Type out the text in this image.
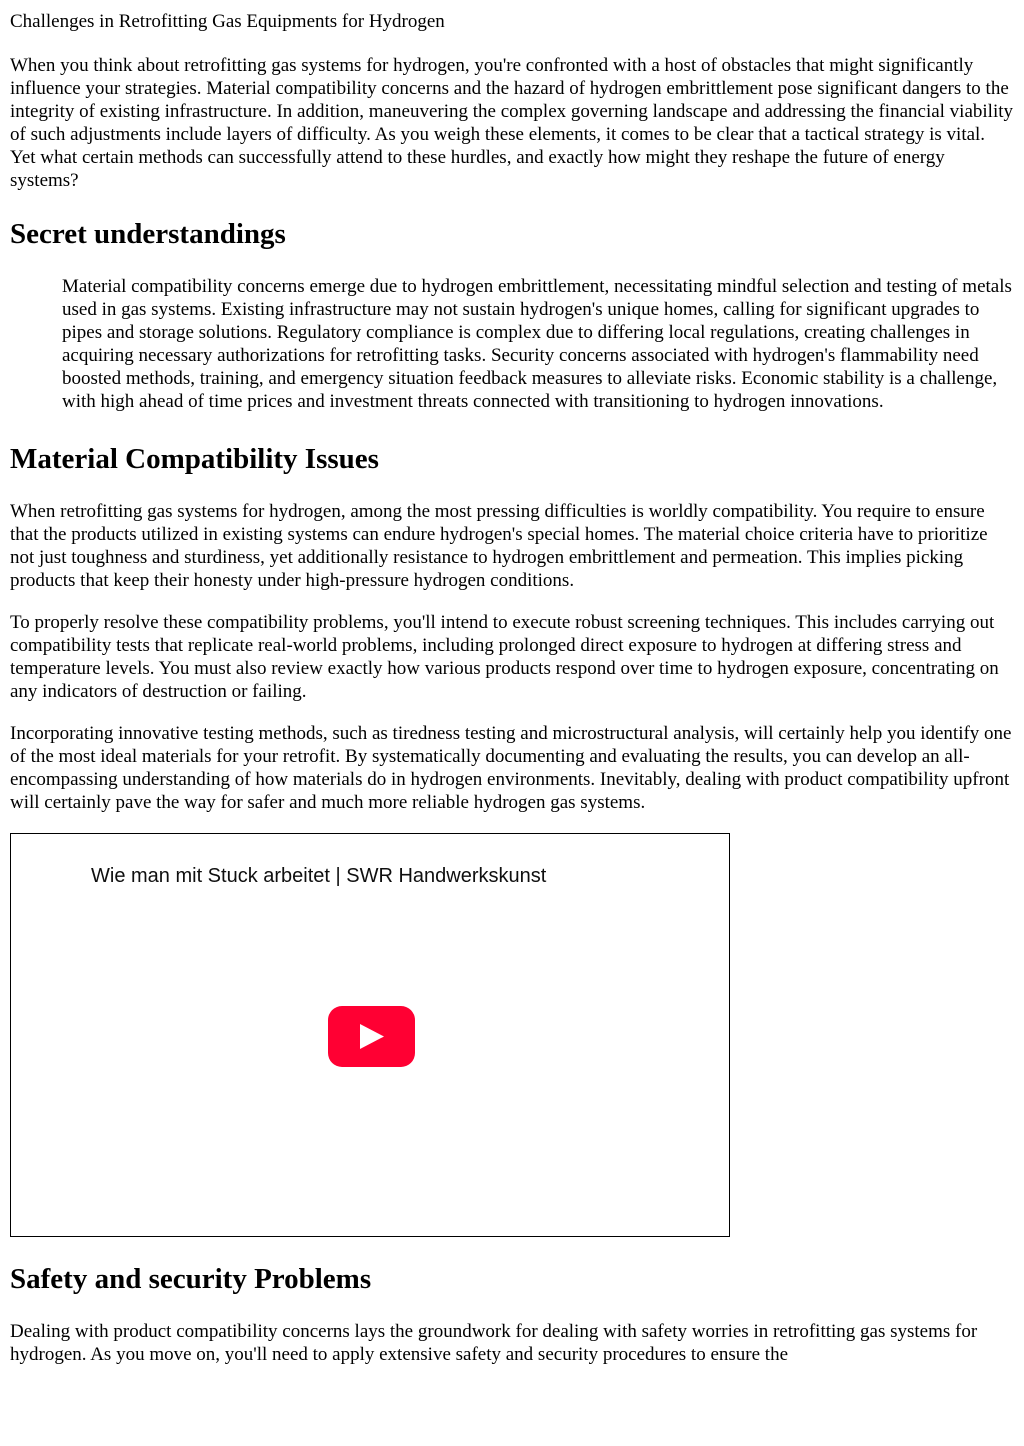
Challenges in Retrofitting Gas Equipments for Hydrogen

When you think about retrofitting gas systems for hydrogen, you're confronted with a host of obstacles that might significantly influence your strategies. Material compatibility concerns and the hazard of hydrogen embrittlement pose significant dangers to the integrity of existing infrastructure. In addition, maneuvering the complex governing landscape and addressing the financial viability of such adjustments include layers of difficulty. As you weigh these elements, it comes to be clear that a tactical strategy is vital. Yet what certain methods can successfully attend to these hurdles, and exactly how might they reshape the future of energy systems?

Secret understandings
Material compatibility concerns emerge due to hydrogen embrittlement, necessitating mindful selection and testing of metals used in gas systems. Existing infrastructure may not sustain hydrogen's unique homes, calling for significant upgrades to pipes and storage solutions. Regulatory compliance is complex due to differing local regulations, creating challenges in acquiring necessary authorizations for retrofitting tasks. Security concerns associated with hydrogen's flammability need boosted methods, training, and emergency situation feedback measures to alleviate risks. Economic stability is a challenge, with high ahead of time prices and investment threats connected with transitioning to hydrogen innovations.
Material Compatibility Issues

When retrofitting gas systems for hydrogen, among the most pressing difficulties is worldly compatibility. You require to ensure that the products utilized in existing systems can endure hydrogen's special homes. The material choice criteria have to prioritize not just toughness and sturdiness, yet additionally resistance to hydrogen embrittlement and permeation. This implies picking products that keep their honesty under high-pressure hydrogen conditions.

To properly resolve these compatibility problems, you'll intend to execute robust screening techniques. This includes carrying out compatibility tests that replicate real-world problems, including prolonged direct exposure to hydrogen at differing stress and temperature levels. You must also review exactly how various products respond over time to hydrogen exposure, concentrating on any indicators of destruction or failing.

Incorporating innovative testing methods, such as tiredness testing and microstructural analysis, will certainly help you identify one of the most ideal materials for your retrofit. By systematically documenting and evaluating the results, you can develop an all-encompassing understanding of how materials do in hydrogen environments. Inevitably, dealing with product compatibility upfront will certainly pave the way for safer and much more reliable hydrogen gas systems.

Wie man mit Stuck arbeitet | SWR Handwerkskunst
Safety and security Problems

Dealing with product compatibility concerns lays the groundwork for dealing with safety worries in retrofitting gas systems for hydrogen. As you move on, you'll need to apply extensive safety and security procedures to ensure the
